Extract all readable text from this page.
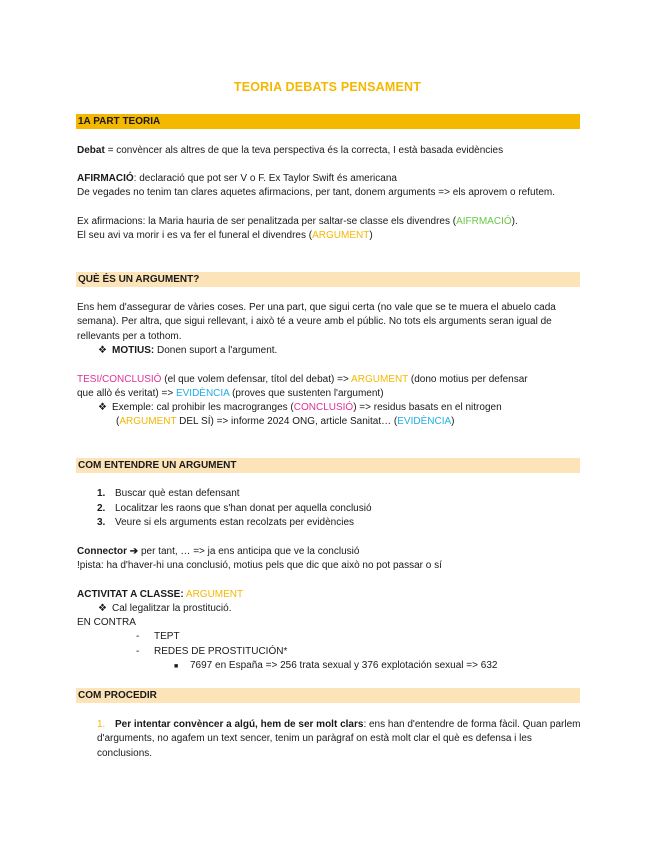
TEORIA DEBATS PENSAMENT
1A PART TEORIA
Debat = convèncer als altres de que la teva perspectiva és la correcta, I està basada evidències
AFIRMACIÓ: declaració que pot ser V o F. Ex Taylor Swift és americana
De vegades no tenim tan clares aquetes afirmacions, per tant, donem arguments => els aprovem o refutem.
Ex afirmacions: la Maria hauria de ser penalitzada per saltar-se classe els divendres (AIFRMACIÓ).
El seu avi va morir i es va fer el funeral el divendres (ARGUMENT)
QUÈ ÉS UN ARGUMENT?
Ens hem d'assegurar de vàries coses. Per una part, que sigui certa (no vale que se te muera el abuelo cada semana). Per altra, que sigui rellevant, i això té a veure amb el públic. No tots els arguments seran igual de rellevants per a tothom.
❖ MOTIUS: Donen suport a l'argument.
TESI/CONCLUSIÓ (el que volem defensar, títol del debat) => ARGUMENT (dono motius per defensar
que allò és veritat) => EVIDÈNCIA (proves que sustenten l'argument)
❖ Exemple: cal prohibir les macrogranges (CONCLUSIÓ) => residus basats en el nitrogen
(ARGUMENT DEL SÍ) => informe 2024 ONG, article Sanitat… (EVIDÈNCIA)
COM ENTENDRE UN ARGUMENT
1. Buscar què estan defensant
2. Localitzar les raons que s'han donat per aquella conclusió
3. Veure si els arguments estan recolzats per evidències
Connector ➔ per tant, … => ja ens anticipa que ve la conclusió
!pista: ha d'haver-hi una conclusió, motius pels que dic que això no pot passar o sí
ACTIVITAT A CLASSE: ARGUMENT
❖ Cal legalitzar la prostitució.
EN CONTRA
- TEPT
- REDES DE PROSTITUCIÓN*
■ 7697 en España => 256 trata sexual y 376 explotación sexual => 632
COM PROCEDIR
1. Per intentar convèncer a algú, hem de ser molt clars: ens han d'entendre de forma fàcil. Quan parlem d'arguments, no agafem un text sencer, tenim un paràgraf on està molt clar el què es defensa i les conclusions.
